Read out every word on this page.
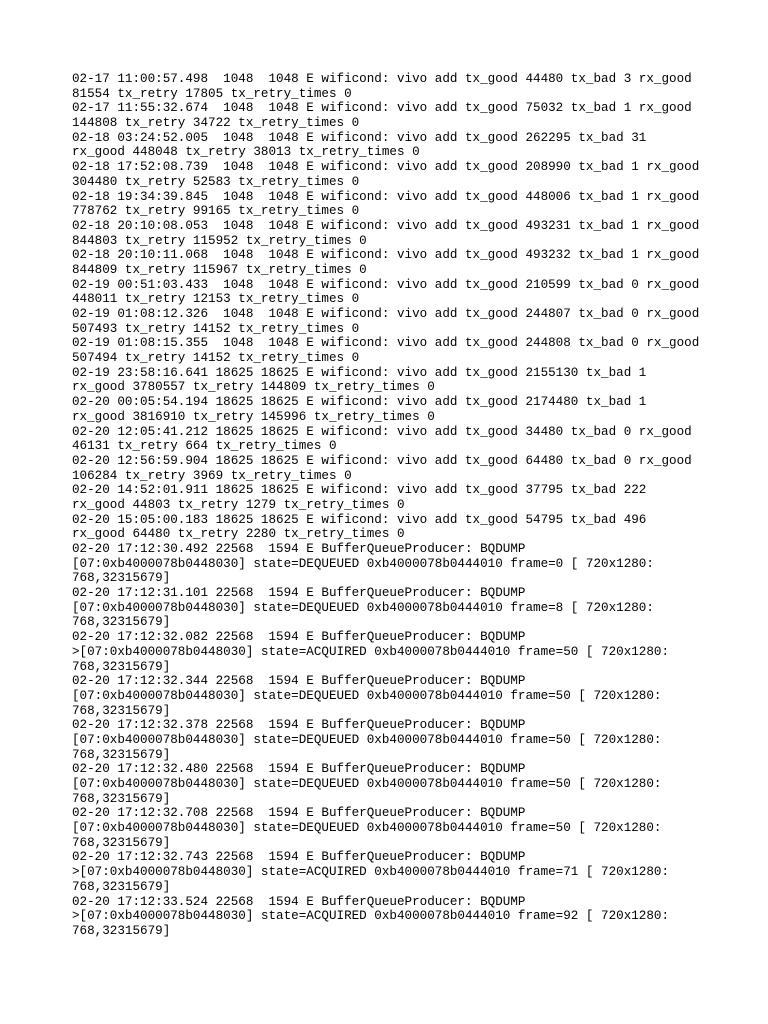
02-17 11:00:57.498  1048  1048 E wificond: vivo add tx_good 44480 tx_bad 3 rx_good
81554 tx_retry 17805 tx_retry_times 0
02-17 11:55:32.674  1048  1048 E wificond: vivo add tx_good 75032 tx_bad 1 rx_good
144808 tx_retry 34722 tx_retry_times 0
02-18 03:24:52.005  1048  1048 E wificond: vivo add tx_good 262295 tx_bad 31
rx_good 448048 tx_retry 38013 tx_retry_times 0
02-18 17:52:08.739  1048  1048 E wificond: vivo add tx_good 208990 tx_bad 1 rx_good
304480 tx_retry 52583 tx_retry_times 0
02-18 19:34:39.845  1048  1048 E wificond: vivo add tx_good 448006 tx_bad 1 rx_good
778762 tx_retry 99165 tx_retry_times 0
02-18 20:10:08.053  1048  1048 E wificond: vivo add tx_good 493231 tx_bad 1 rx_good
844803 tx_retry 115952 tx_retry_times 0
02-18 20:10:11.068  1048  1048 E wificond: vivo add tx_good 493232 tx_bad 1 rx_good
844809 tx_retry 115967 tx_retry_times 0
02-19 00:51:03.433  1048  1048 E wificond: vivo add tx_good 210599 tx_bad 0 rx_good
448011 tx_retry 12153 tx_retry_times 0
02-19 01:08:12.326  1048  1048 E wificond: vivo add tx_good 244807 tx_bad 0 rx_good
507493 tx_retry 14152 tx_retry_times 0
02-19 01:08:15.355  1048  1048 E wificond: vivo add tx_good 244808 tx_bad 0 rx_good
507494 tx_retry 14152 tx_retry_times 0
02-19 23:58:16.641 18625 18625 E wificond: vivo add tx_good 2155130 tx_bad 1
rx_good 3780557 tx_retry 144809 tx_retry_times 0
02-20 00:05:54.194 18625 18625 E wificond: vivo add tx_good 2174480 tx_bad 1
rx_good 3816910 tx_retry 145996 tx_retry_times 0
02-20 12:05:41.212 18625 18625 E wificond: vivo add tx_good 34480 tx_bad 0 rx_good
46131 tx_retry 664 tx_retry_times 0
02-20 12:56:59.904 18625 18625 E wificond: vivo add tx_good 64480 tx_bad 0 rx_good
106284 tx_retry 3969 tx_retry_times 0
02-20 14:52:01.911 18625 18625 E wificond: vivo add tx_good 37795 tx_bad 222
rx_good 44803 tx_retry 1279 tx_retry_times 0
02-20 15:05:00.183 18625 18625 E wificond: vivo add tx_good 54795 tx_bad 496
rx_good 64480 tx_retry 2280 tx_retry_times 0
02-20 17:12:30.492 22568  1594 E BufferQueueProducer: BQDUMP
[07:0xb4000078b0448030] state=DEQUEUED 0xb4000078b0444010 frame=0 [ 720x1280:
768,32315679]
02-20 17:12:31.101 22568  1594 E BufferQueueProducer: BQDUMP
[07:0xb4000078b0448030] state=DEQUEUED 0xb4000078b0444010 frame=8 [ 720x1280:
768,32315679]
02-20 17:12:32.082 22568  1594 E BufferQueueProducer: BQDUMP
>[07:0xb4000078b0448030] state=ACQUIRED 0xb4000078b0444010 frame=50 [ 720x1280:
768,32315679]
02-20 17:12:32.344 22568  1594 E BufferQueueProducer: BQDUMP
[07:0xb4000078b0448030] state=DEQUEUED 0xb4000078b0444010 frame=50 [ 720x1280:
768,32315679]
02-20 17:12:32.378 22568  1594 E BufferQueueProducer: BQDUMP
[07:0xb4000078b0448030] state=DEQUEUED 0xb4000078b0444010 frame=50 [ 720x1280:
768,32315679]
02-20 17:12:32.480 22568  1594 E BufferQueueProducer: BQDUMP
[07:0xb4000078b0448030] state=DEQUEUED 0xb4000078b0444010 frame=50 [ 720x1280:
768,32315679]
02-20 17:12:32.708 22568  1594 E BufferQueueProducer: BQDUMP
[07:0xb4000078b0448030] state=DEQUEUED 0xb4000078b0444010 frame=50 [ 720x1280:
768,32315679]
02-20 17:12:32.743 22568  1594 E BufferQueueProducer: BQDUMP
>[07:0xb4000078b0448030] state=ACQUIRED 0xb4000078b0444010 frame=71 [ 720x1280:
768,32315679]
02-20 17:12:33.524 22568  1594 E BufferQueueProducer: BQDUMP
>[07:0xb4000078b0448030] state=ACQUIRED 0xb4000078b0444010 frame=92 [ 720x1280:
768,32315679]
